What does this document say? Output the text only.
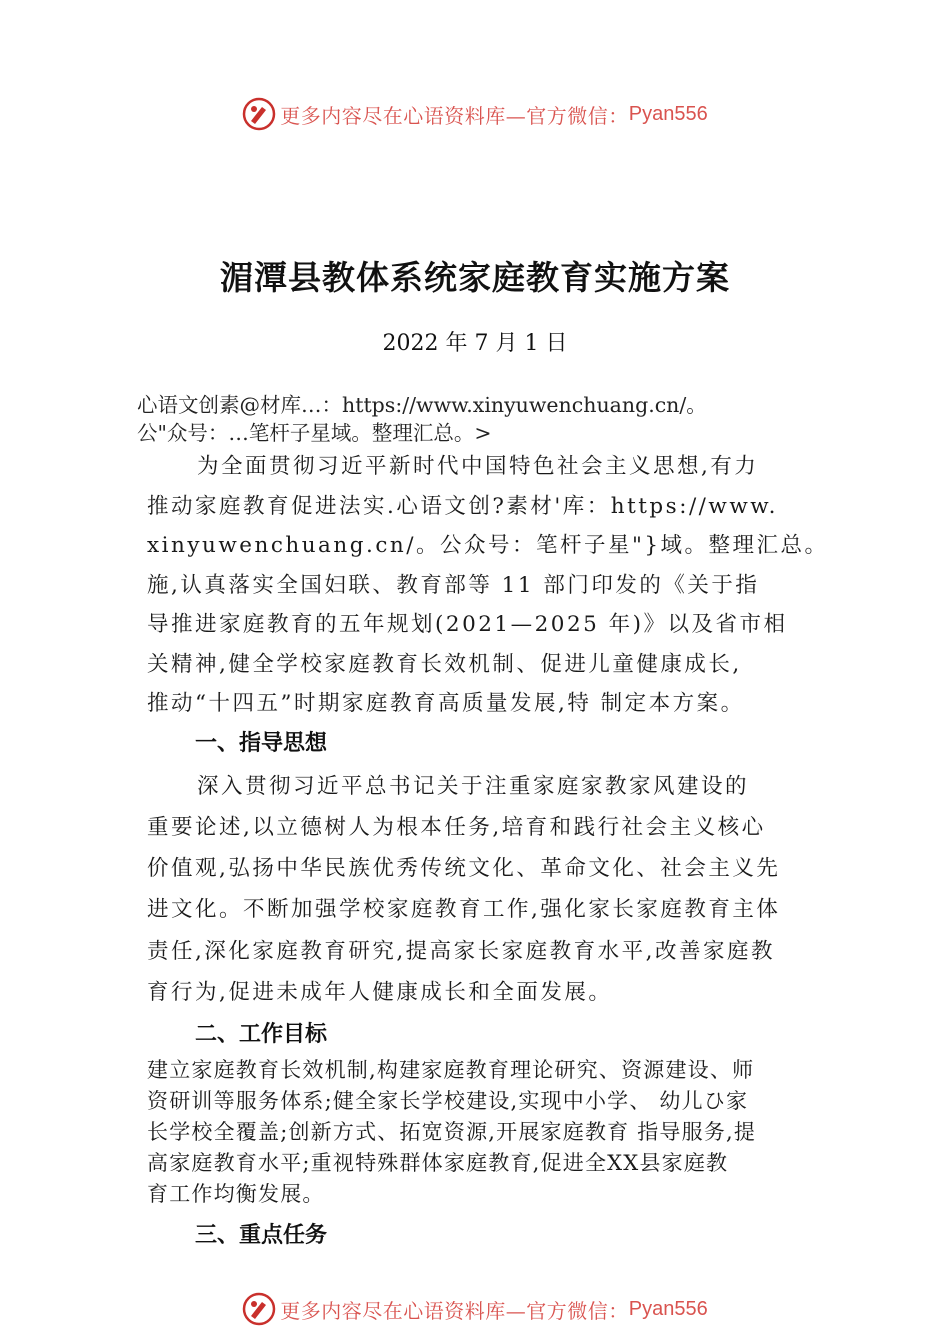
更多内容尽在心语资料库—官方微信： Pyan556
湄潭县教体系统家庭教育实施方案
2022 年 7 月 1 日
心语文创素@材库…：https://www.xinyuwenchuang.cn/。
公"众号：…笔杆子星域。整理汇总。>
为全面贯彻习近平新时代中国特色社会主义思想,有力
推动家庭教育促进法实.心语文创?素材'库：https://www.
xinyuwenchuang.cn/。公众号：笔杆子星"}域。整理汇总。
施,认真落实全国妇联、教育部等 11 部门印发的《关于指
导推进家庭教育的五年规划(2021—2025 年)》以及省市相
关精神,健全学校家庭教育长效机制、促进儿童健康成长,
推动“十四五”时期家庭教育高质量发展,特 制定本方案。
一、指导思想
深入贯彻习近平总书记关于注重家庭家教家风建设的
重要论述,以立德树人为根本任务,培育和践行社会主义核心
价值观,弘扬中华民族优秀传统文化、革命文化、社会主义先
进文化。不断加强学校家庭教育工作,强化家长家庭教育主体
责任,深化家庭教育研究,提高家长家庭教育水平,改善家庭教
育行为,促进未成年人健康成长和全面发展。
二、工作目标
建立家庭教育长效机制,构建家庭教育理论研究、资源建设、师
资研训等服务体系;健全家长学校建设,实现中小学、 幼儿ひ家
长学校全覆盖;创新方式、拓宽资源,开展家庭教育 指导服务,提
高家庭教育水平;重视特殊群体家庭教育,促进全XX县家庭教
育工作均衡发展。
三、重点任务
更多内容尽在心语资料库—官方微信： Pyan556
